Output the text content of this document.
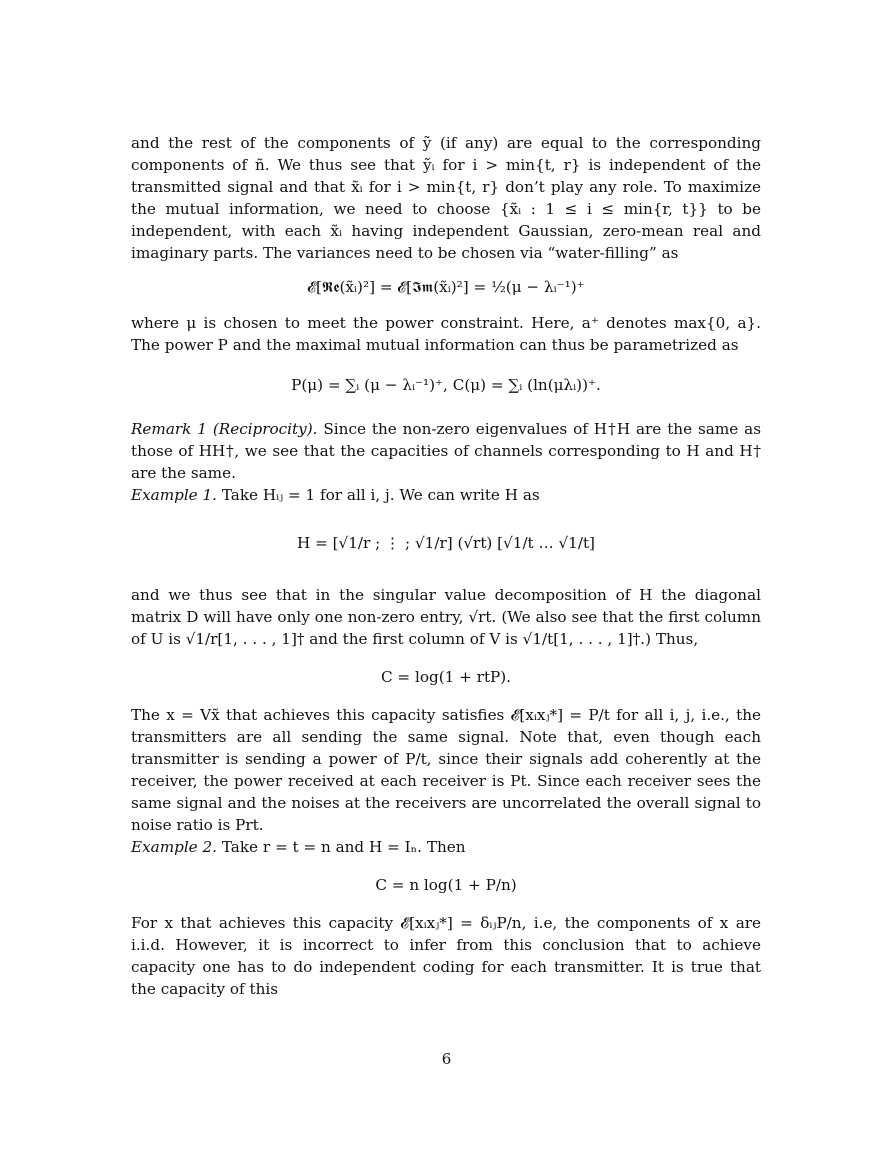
and the rest of the components of ỹ (if any) are equal to the corresponding components of ñ. We thus see that ỹᵢ for i > min{t, r} is independent of the transmitted signal and that x̃ᵢ for i > min{t, r} don’t play any role. To maximize the mutual information, we need to choose {x̃ᵢ : 1 ≤ i ≤ min{r, t}} to be independent, with each x̃ᵢ having independent Gaussian, zero-mean real and imaginary parts. The variances need to be chosen via “water-filling” as

𝓔[𝕽𝖊(x̃ᵢ)²] = 𝓔[𝕴𝖒(x̃ᵢ)²] = ½(μ − λᵢ⁻¹)⁺

where μ is chosen to meet the power constraint. Here, a⁺ denotes max{0, a}. The power P and the maximal mutual information can thus be parametrized as

P(μ) = ∑ᵢ (μ − λᵢ⁻¹)⁺, C(μ) = ∑ᵢ (ln(μλᵢ))⁺.

Remark 1 (Reciprocity). Since the non-zero eigenvalues of H†H are the same as those of HH†, we see that the capacities of channels corresponding to H and H† are the same.

Example 1. Take Hᵢⱼ = 1 for all i, j. We can write H as

H = [√1/r ; ⋮ ; √1/r] (√rt) [√1/t … √1/t]

and we thus see that in the singular value decomposition of H the diagonal matrix D will have only one non-zero entry, √rt. (We also see that the first column of U is √1/r[1, . . . , 1]† and the first column of V is √1/t[1, . . . , 1]†.) Thus,

C = log(1 + rtP).

The x = Vx̃ that achieves this capacity satisfies 𝓔[xᵢxⱼ*] = P/t for all i, j, i.e., the transmitters are all sending the same signal. Note that, even though each transmitter is sending a power of P/t, since their signals add coherently at the receiver, the power received at each receiver is Pt. Since each receiver sees the same signal and the noises at the receivers are uncorrelated the overall signal to noise ratio is Prt.

Example 2. Take r = t = n and H = Iₙ. Then

C = n log(1 + P/n)

For x that achieves this capacity 𝓔[xᵢxⱼ*] = δᵢⱼP/n, i.e, the components of x are i.i.d. However, it is incorrect to infer from this conclusion that to achieve capacity one has to do independent coding for each transmitter. It is true that the capacity of this

6
